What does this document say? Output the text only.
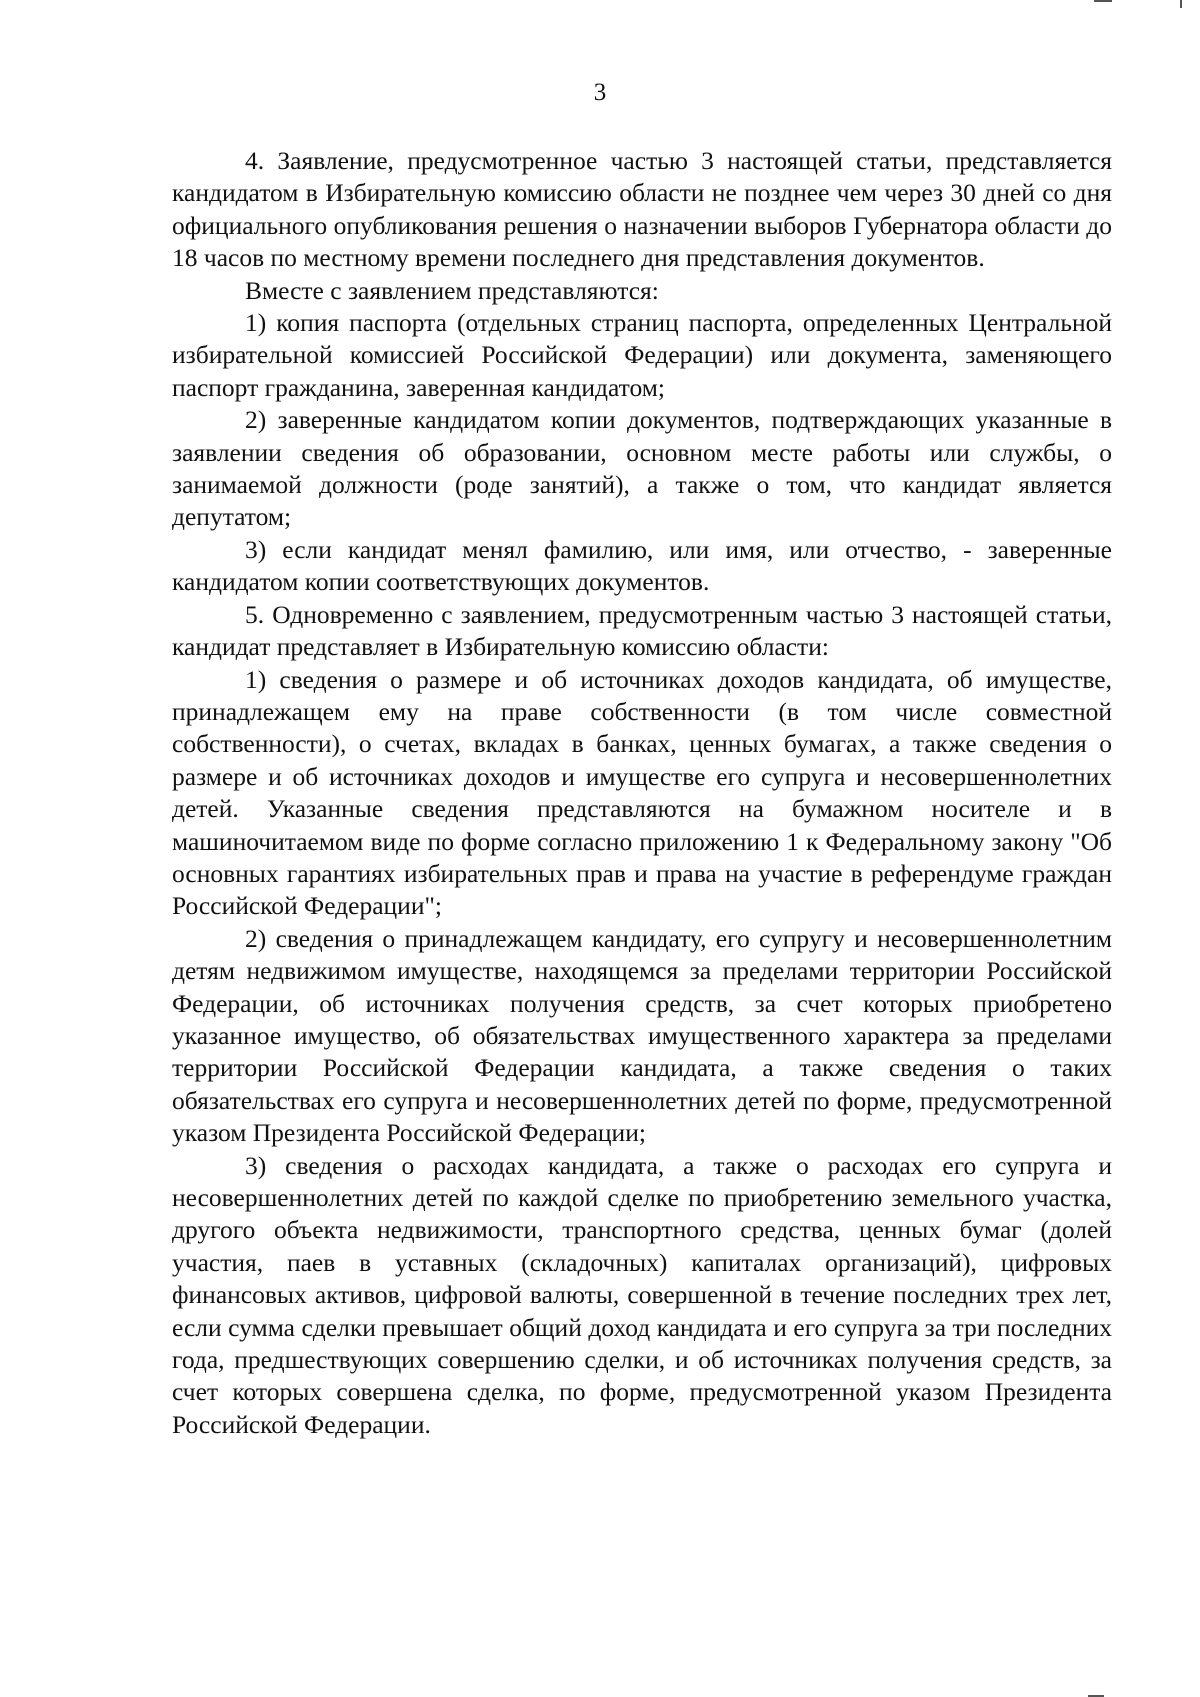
3

4. Заявление, предусмотренное частью 3 настоящей статьи, представляется кандидатом в Избирательную комиссию области не позднее чем через 30 дней со дня официального опубликования решения о назначении выборов Губернатора области до 18 часов по местному времени последнего дня представления документов.

Вместе с заявлением представляются:

1) копия паспорта (отдельных страниц паспорта, определенных Центральной избирательной комиссией Российской Федерации) или документа, заменяющего паспорт гражданина, заверенная кандидатом;

2) заверенные кандидатом копии документов, подтверждающих указанные в заявлении сведения об образовании, основном месте работы или службы, о занимаемой должности (роде занятий), а также о том, что кандидат является депутатом;

3) если кандидат менял фамилию, или имя, или отчество, - заверенные кандидатом копии соответствующих документов.

5. Одновременно с заявлением, предусмотренным частью 3 настоящей статьи, кандидат представляет в Избирательную комиссию области:

1) сведения о размере и об источниках доходов кандидата, об имуществе, принадлежащем ему на праве собственности (в том числе совместной собственности), о счетах, вкладах в банках, ценных бумагах, а также сведения о размере и об источниках доходов и имуществе его супруга и несовершеннолетних детей. Указанные сведения представляются на бумажном носителе и в машиночитаемом виде по форме согласно приложению 1 к Федеральному закону "Об основных гарантиях избирательных прав и права на участие в референдуме граждан Российской Федерации";

2) сведения о принадлежащем кандидату, его супругу и несовершеннолетним детям недвижимом имуществе, находящемся за пределами территории Российской Федерации, об источниках получения средств, за счет которых приобретено указанное имущество, об обязательствах имущественного характера за пределами территории Российской Федерации кандидата, а также сведения о таких обязательствах его супруга и несовершеннолетних детей по форме, предусмотренной указом Президента Российской Федерации;

3) сведения о расходах кандидата, а также о расходах его супруга и несовершеннолетних детей по каждой сделке по приобретению земельного участка, другого объекта недвижимости, транспортного средства, ценных бумаг (долей участия, паев в уставных (складочных) капиталах организаций), цифровых финансовых активов, цифровой валюты, совершенной в течение последних трех лет, если сумма сделки превышает общий доход кандидата и его супруга за три последних года, предшествующих совершению сделки, и об источниках получения средств, за счет которых совершена сделка, по форме, предусмотренной указом Президента Российской Федерации.
